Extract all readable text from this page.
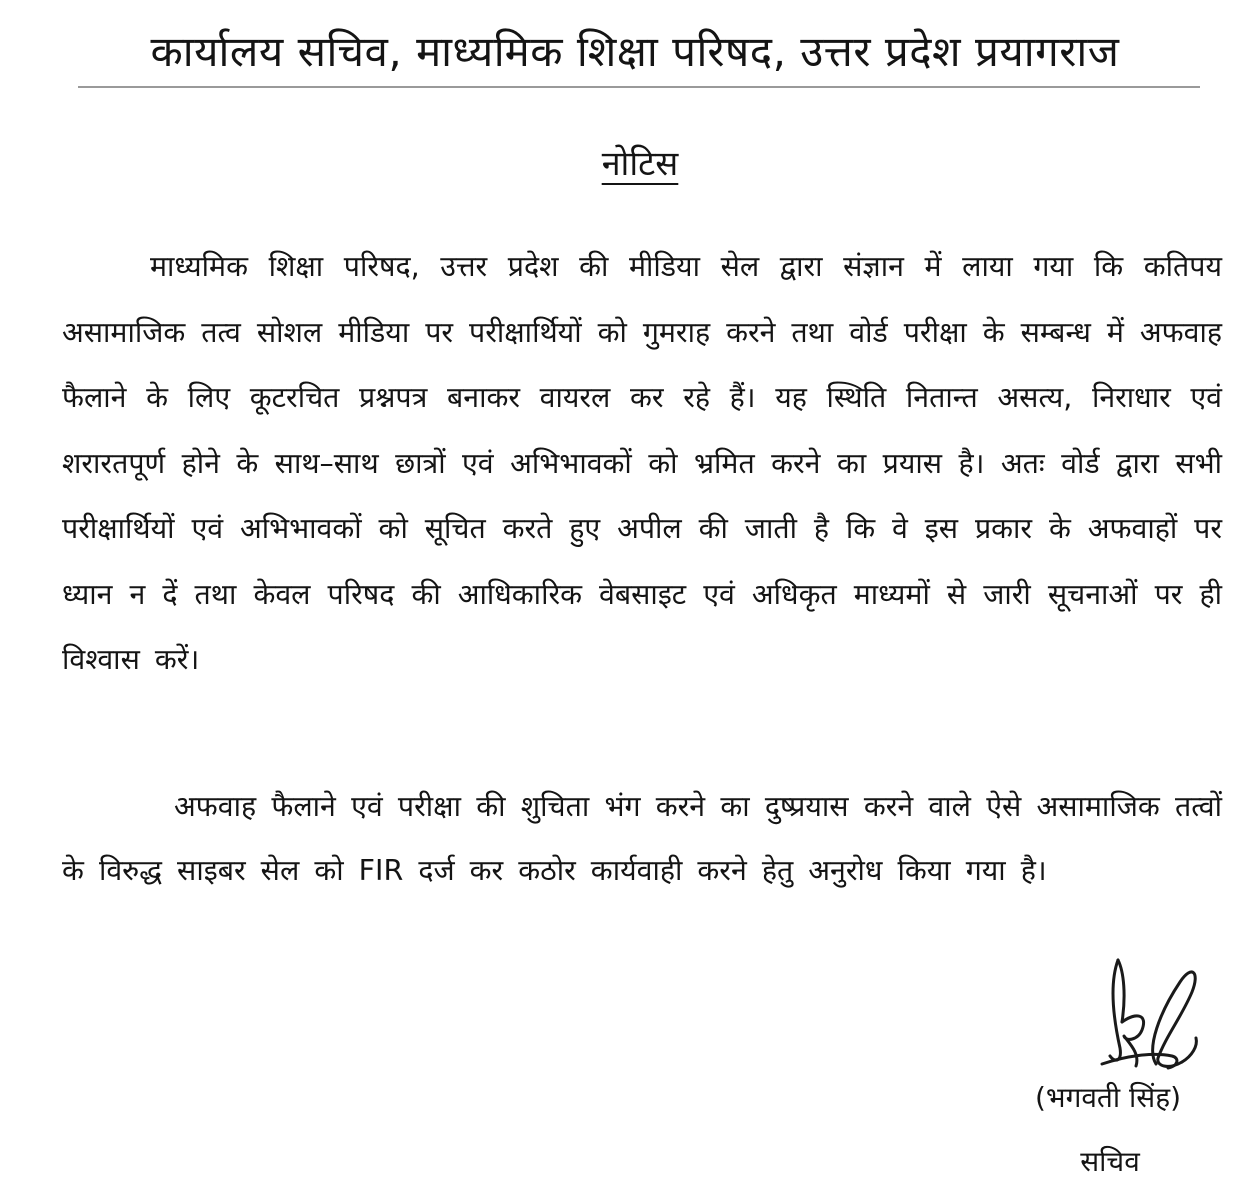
कार्यालय सचिव, माध्यमिक शिक्षा परिषद, उत्तर प्रदेश प्रयागराज
नोटिस
माध्यमिक शिक्षा परिषद, उत्तर प्रदेश की मीडिया सेल द्वारा संज्ञान में लाया गया कि कतिपय असामाजिक तत्व सोशल मीडिया पर परीक्षार्थियों को गुमराह करने तथा वोर्ड परीक्षा के सम्बन्ध में अफवाह फैलाने के लिए कूटरचित प्रश्नपत्र बनाकर वायरल कर रहे हैं। यह स्थिति नितान्त असत्य, निराधार एवं शरारतपूर्ण होने के साथ–साथ छात्रों एवं अभिभावकों को भ्रमित करने का प्रयास है। अतः वोर्ड द्वारा सभी परीक्षार्थियों एवं अभिभावकों को सूचित करते हुए अपील की जाती है कि वे इस प्रकार के अफवाहों पर ध्यान न दें तथा केवल परिषद की आधिकारिक वेबसाइट एवं अधिकृत माध्यमों से जारी सूचनाओं पर ही विश्वास करें।
अफवाह फैलाने एवं परीक्षा की शुचिता भंग करने का दुष्प्रयास करने वाले ऐसे असामाजिक तत्वों के विरुद्ध साइबर सेल को FIR दर्ज कर कठोर कार्यवाही करने हेतु अनुरोध किया गया है।
(भगवती सिंह)
सचिव
